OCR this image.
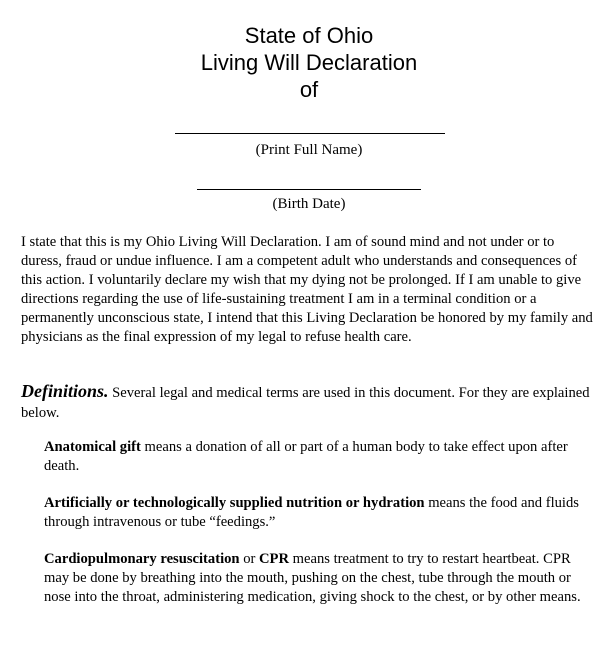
State of Ohio
Living Will Declaration
of
(Print Full Name)
(Birth Date)

I state that this is my Ohio Living Will Declaration. I am of sound mind and not under or to duress, fraud or undue influence. I am a competent adult who understands and consequences of this action. I voluntarily declare my wish that my dying not be prolonged. If I am unable to give directions regarding the use of life-sustaining treatment I am in a terminal condition or a permanently unconscious state, I intend that this Living Declaration be honored by my family and physicians as the final expression of my legal to refuse health care.

Definitions. Several legal and medical terms are used in this document. For they are explained below.

Anatomical gift means a donation of all or part of a human body to take effect upon after death.

Artificially or technologically supplied nutrition or hydration means the food and fluids through intravenous or tube “feedings.”

Cardiopulmonary resuscitation or CPR means treatment to try to restart heartbeat. CPR may be done by breathing into the mouth, pushing on the chest, tube through the mouth or nose into the throat, administering medication, giving shock to the chest, or by other means.
